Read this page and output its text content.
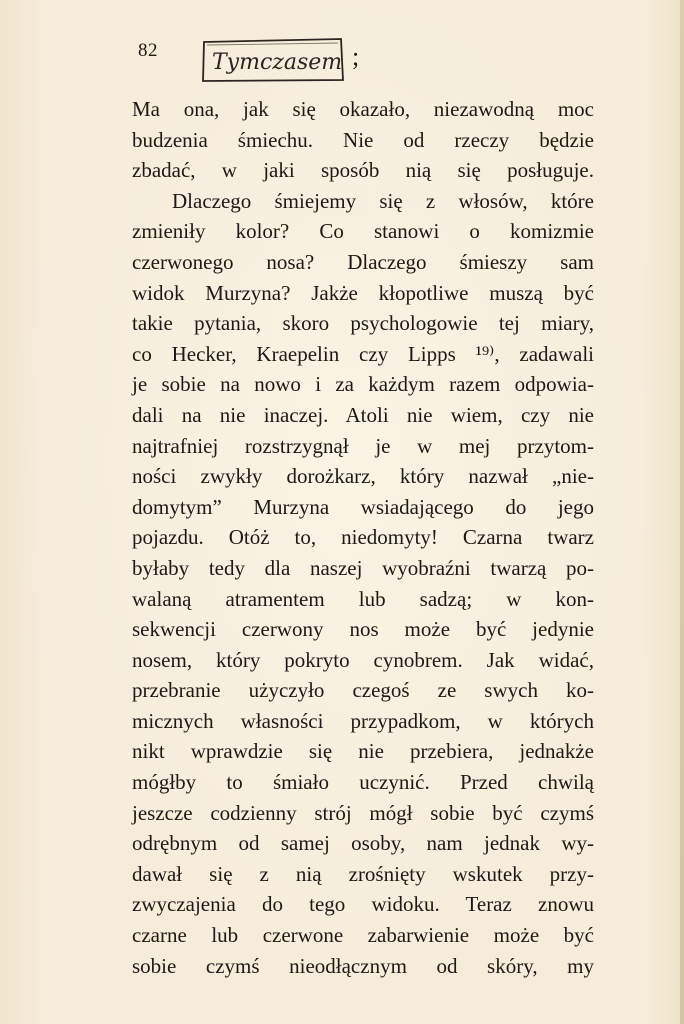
82 Tymczasem ;
Ma ona, jak się okazało, niezawodną moc
budzenia śmiechu. Nie od rzeczy będzie
zbadać, w jaki sposób nią się posługuje.
Dlaczego śmiejemy się z włosów, które
zmieniły kolor? Co stanowi o komizmie
czerwonego nosa? Dlaczego śmieszy sam
widok Murzyna? Jakże kłopotliwe muszą być
takie pytania, skoro psychologowie tej miary,
co Hecker, Kraepelin czy Lipps ¹⁹⁾, zadawali
je sobie na nowo i za każdym razem odpowia-
dali na nie inaczej. Atoli nie wiem, czy nie
najtrafniej rozstrzygnął je w mej przytom-
ności zwykły dorożkarz, który nazwał „nie-
domytym” Murzyna wsiadającego do jego
pojazdu. Otóż to, niedomyty! Czarna twarz
byłaby tedy dla naszej wyobraźni twarzą po-
walaną atramentem lub sadzą; w kon-
sekwencji czerwony nos może być jedynie
nosem, który pokryto cynobrem. Jak widać,
przebranie użyczyło czegoś ze swych ko-
micznych własności przypadkom, w których
nikt wprawdzie się nie przebiera, jednakże
mógłby to śmiało uczynić. Przed chwilą
jeszcze codzienny strój mógł sobie być czymś
odrębnym od samej osoby, nam jednak wy-
dawał się z nią zrośnięty wskutek przy-
zwyczajenia do tego widoku. Teraz znowu
czarne lub czerwone zabarwienie może być
sobie czymś nieodłącznym od skóry, my
